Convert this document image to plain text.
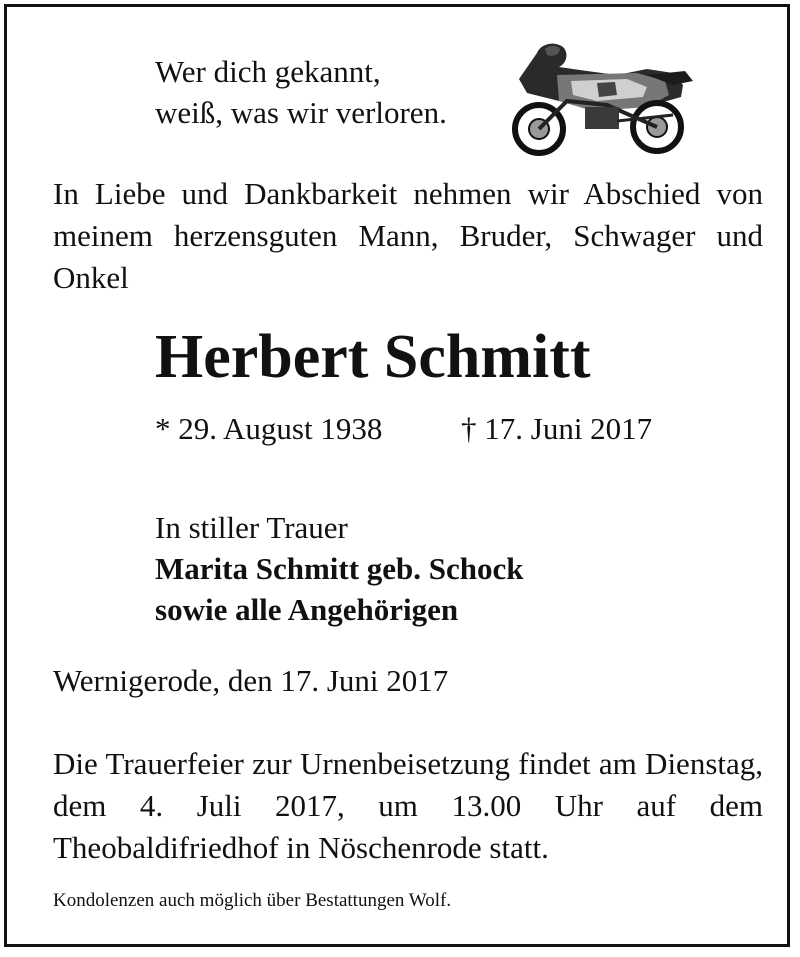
Wer dich gekannt,
weiß, was wir verloren.
In Liebe und Dankbarkeit nehmen wir Abschied von meinem herzensguten Mann, Bruder, Schwager und Onkel
Herbert Schmitt
* 29. August 1938	† 17. Juni 2017
In stiller Trauer
Marita Schmitt geb. Schock
sowie alle Angehörigen
Wernigerode, den 17. Juni 2017
Die Trauerfeier zur Urnenbeisetzung findet am Dienstag, dem 4. Juli 2017, um 13.00 Uhr auf dem Theobaldifriedhof in Nöschenrode statt.
Kondolenzen auch möglich über Bestattungen Wolf.
